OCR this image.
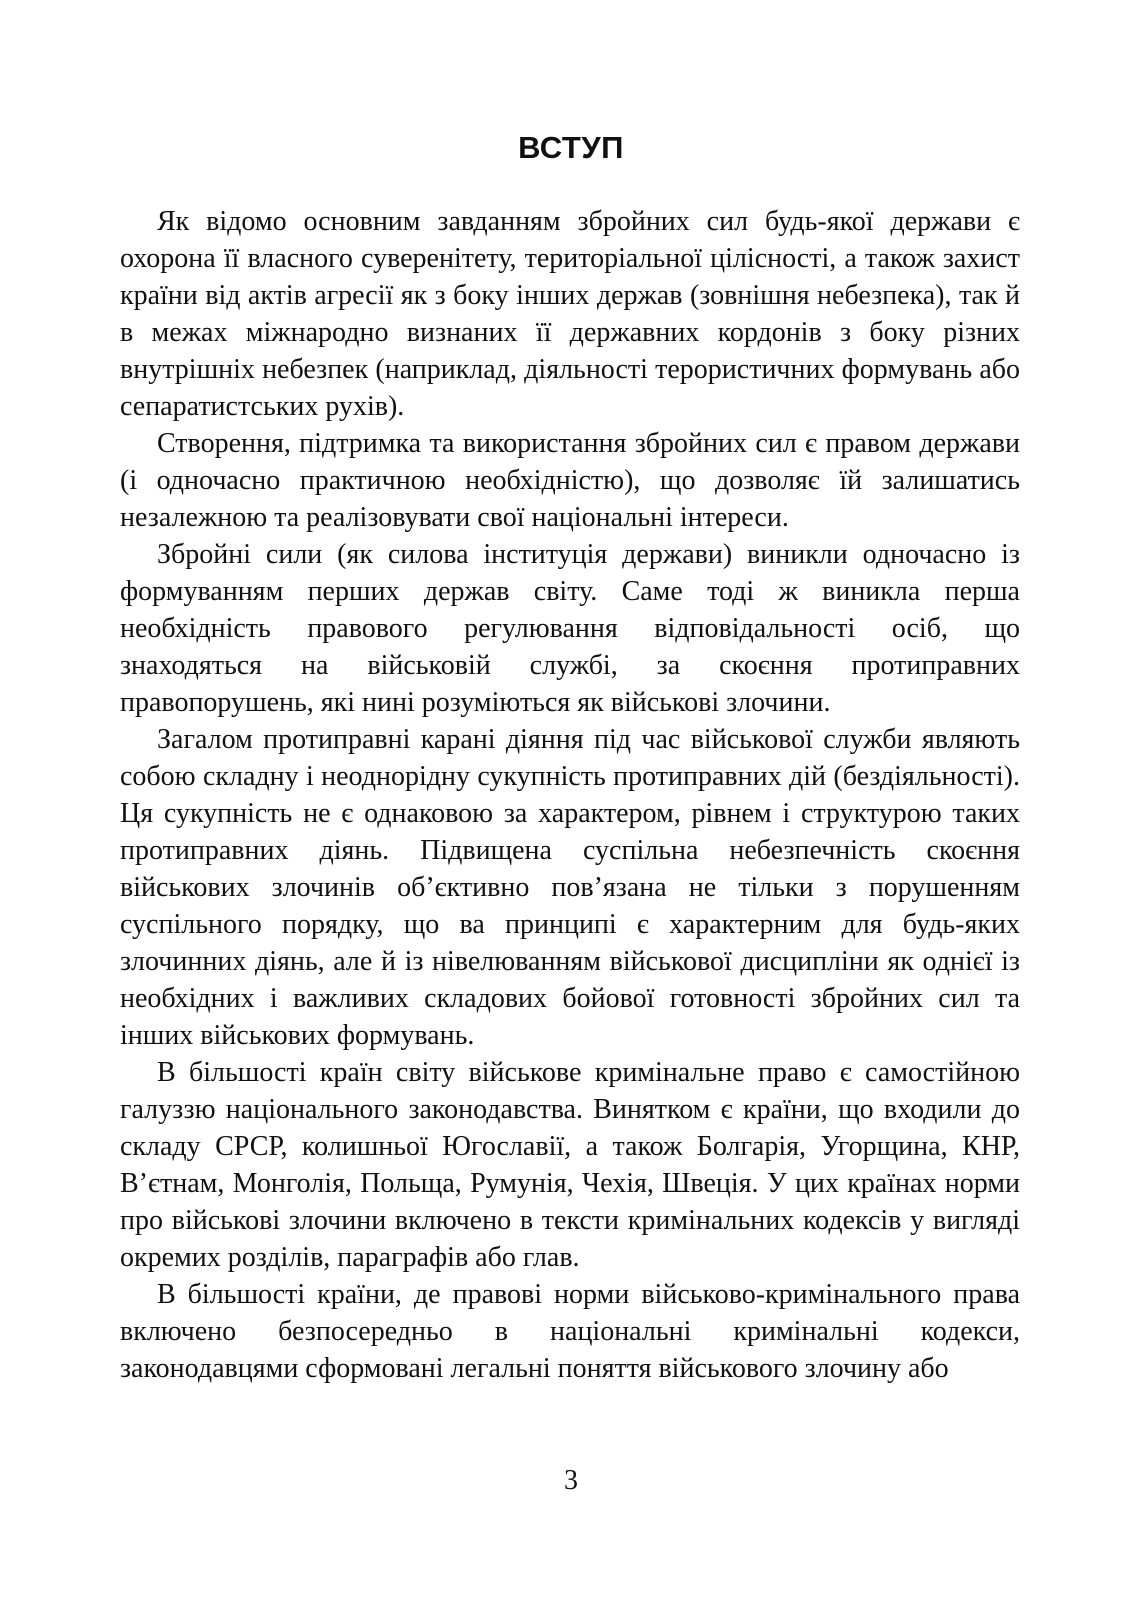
ВСТУП

Як відомо основним завданням збройних сил будь-якої держави є охорона її власного суверенітету, територіальної цілісності, а також захист країни від актів агресії як з боку інших держав (зовнішня небезпека), так й в межах міжнародно визнаних її державних кордонів з боку різних внутрішніх небезпек (наприклад, діяльності терористичних формувань або сепаратистських рухів).

Створення, підтримка та використання збройних сил є правом держави (і одночасно практичною необхідністю), що дозволяє їй залишатись незалежною та реалізовувати свої національні інтереси.

Збройні сили (як силова інституція держави) виникли одночасно із формуванням перших держав світу. Саме тоді ж виникла перша необхідність правового регулювання відповідальності осіб, що знаходяться на військовій службі, за скоєння протиправних правопорушень, які нині розуміються як військові злочини.

Загалом протиправні карані діяння під час військової служби являють собою складну і неоднорідну сукупність протиправних дій (бездіяльності). Ця сукупність не є однаковою за характером, рівнем і структурою таких протиправних діянь. Підвищена суспільна небезпечність скоєння військових злочинів об’єктивно пов’язана не тільки з порушенням суспільного порядку, що ва принципі є характерним для будь-яких злочинних діянь, але й із нівелюванням військової дисципліни як однієї із необхідних і важливих складових бойової готовності збройних сил та інших військових формувань.

В більшості країн світу військове кримінальне право є самостійною галуззю національного законодавства. Винятком є країни, що входили до складу СРСР, колишньої Югославії, а також Болгарія, Угорщина, КНР, В’єтнам, Монголія, Польща, Румунія, Чехія, Швеція. У цих країнах норми про військові злочини включено в тексти кримінальних кодексів у вигляді окремих розділів, параграфів або глав.

В більшості країни, де правові норми військово-кримінального права включено безпосередньо в національні кримінальні кодекси, законодавцями сформовані легальні поняття військового злочину або

3
